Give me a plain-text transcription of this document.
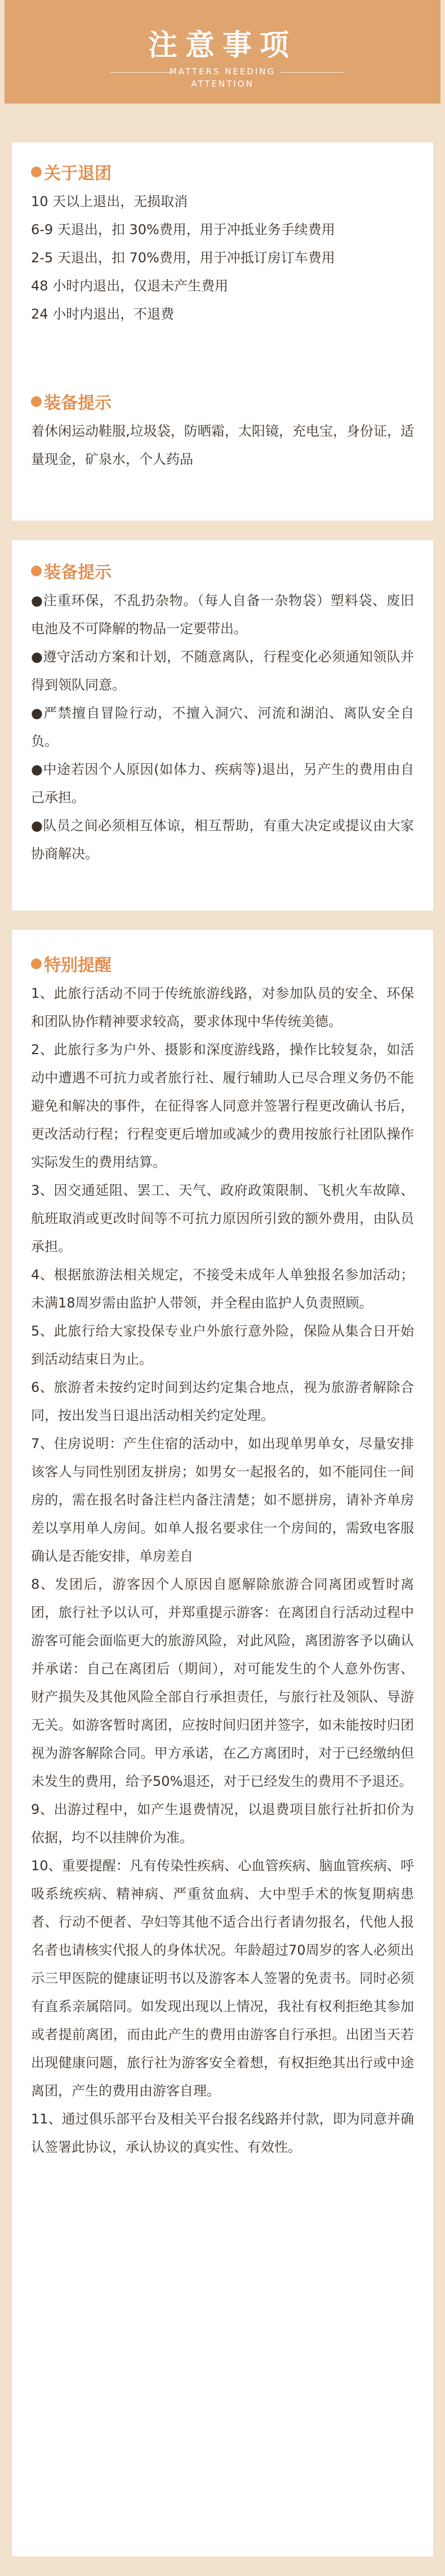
注意事项
MATTERS NEEDING
ATTENTION
关于退团

10 天以上退出，无损取消

6-9 天退出，扣 30%费用，用于冲抵业务手续费用

2-5 天退出，扣 70%费用，用于冲抵订房订车费用

48 小时内退出，仅退未产生费用

24 小时内退出，不退费

装备提示

着休闲运动鞋服,垃圾袋，防晒霜，太阳镜，充电宝，身份证，适量现金，矿泉水，个人药品

装备提示

●注重环保，不乱扔杂物。（每人自备一杂物袋）塑料袋、废旧电池及不可降解的物品一定要带出。

●遵守活动方案和计划，不随意离队，行程变化必须通知领队并得到领队同意。

●严禁擅自冒险行动，不擅入洞穴、河流和湖泊、离队安全自负。

●中途若因个人原因(如体力、疾病等)退出，另产生的费用由自己承担。

●队员之间必须相互体谅，相互帮助，有重大决定或提议由大家协商解决。

特别提醒

1、此旅行活动不同于传统旅游线路，对参加队员的安全、环保和团队协作精神要求较高，要求体现中华传统美德。

2、此旅行多为户外、摄影和深度游线路，操作比较复杂，如活动中遭遇不可抗力或者旅行社、履行辅助人已尽合理义务仍不能避免和解决的事件，在征得客人同意并签署行程更改确认书后，更改活动行程；行程变更后增加或减少的费用按旅行社团队操作实际发生的费用结算。

3、因交通延阻、罢工、天气、政府政策限制、飞机火车故障、航班取消或更改时间等不可抗力原因所引致的额外费用，由队员承担。

4、根据旅游法相关规定，不接受未成年人单独报名参加活动；未满18周岁需由监护人带领，并全程由监护人负责照顾。

5、此旅行给大家投保专业户外旅行意外险，保险从集合日开始到活动结束日为止。

6、旅游者未按约定时间到达约定集合地点，视为旅游者解除合同，按出发当日退出活动相关约定处理。

7、住房说明：产生住宿的活动中，如出现单男单女，尽量安排该客人与同性别团友拼房；如男女一起报名的，如不能同住一间房的，需在报名时备注栏内备注清楚；如不愿拼房，请补齐单房差以享用单人房间。如单人报名要求住一个房间的，需致电客服确认是否能安排，单房差自

8、发团后，游客因个人原因自愿解除旅游合同离团或暂时离团，旅行社予以认可，并郑重提示游客：在离团自行活动过程中游客可能会面临更大的旅游风险，对此风险，离团游客予以确认并承诺：自己在离团后（期间），对可能发生的个人意外伤害、财产损失及其他风险全部自行承担责任，与旅行社及领队、导游无关。如游客暂时离团，应按时间归团并签字，如未能按时归团视为游客解除合同。甲方承诺，在乙方离团时，对于已经缴纳但未发生的费用，给予50%退还，对于已经发生的费用不予退还。

9、出游过程中，如产生退费情况，以退费项目旅行社折扣价为依据，均不以挂牌价为准。

10、重要提醒：凡有传染性疾病、心血管疾病、脑血管疾病、呼吸系统疾病、精神病、严重贫血病、大中型手术的恢复期病患者、行动不便者、孕妇等其他不适合出行者请勿报名，代他人报名者也请核实代报人的身体状况。年龄超过70周岁的客人必须出示三甲医院的健康证明书以及游客本人签署的免责书。同时必须有直系亲属陪同。如发现出现以上情况，我社有权利拒绝其参加或者提前离团，而由此产生的费用由游客自行承担。出团当天若出现健康问题，旅行社为游客安全着想，有权拒绝其出行或中途离团，产生的费用由游客自理。

11、通过俱乐部平台及相关平台报名线路并付款，即为同意并确认签署此协议，承认协议的真实性、有效性。
